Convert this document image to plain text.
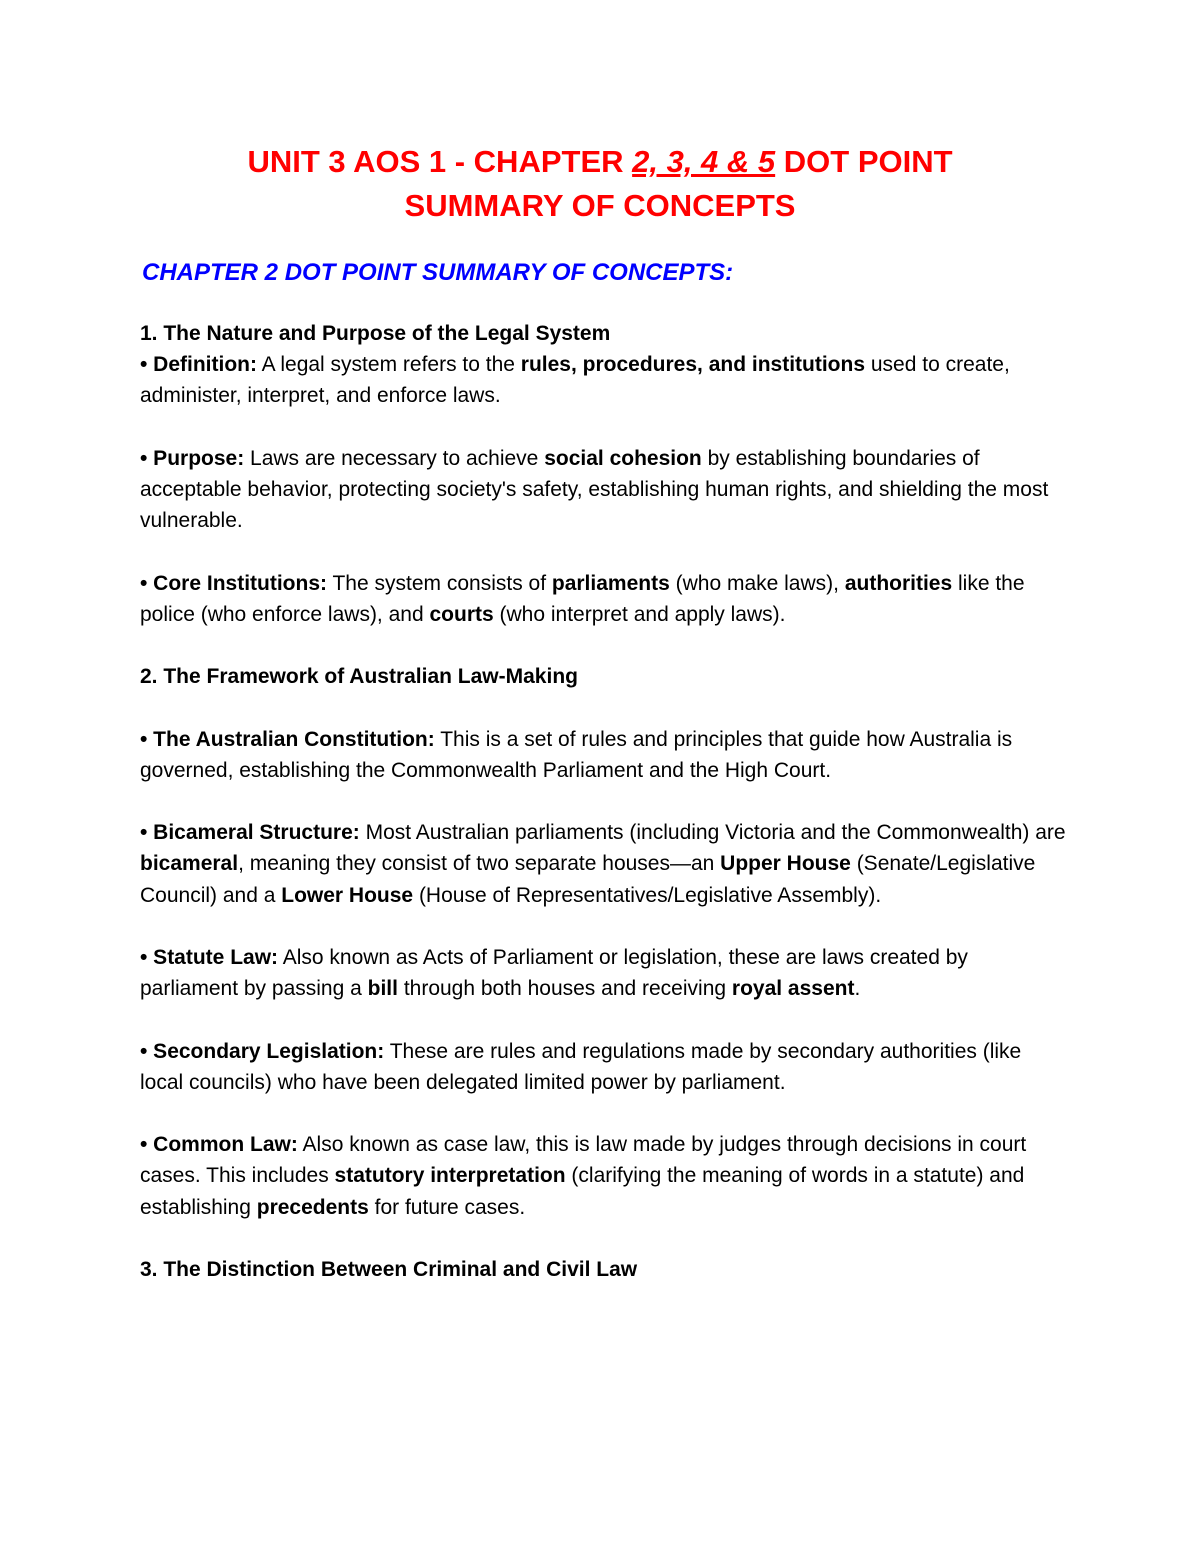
UNIT 3 AOS 1 - CHAPTER 2, 3, 4 & 5 DOT POINT
SUMMARY OF CONCEPTS
CHAPTER 2 DOT POINT SUMMARY OF CONCEPTS:

1. The Nature and Purpose of the Legal System

• Definition: A legal system refers to the rules, procedures, and institutions used to create, administer, interpret, and enforce laws.

• Purpose: Laws are necessary to achieve social cohesion by establishing boundaries of acceptable behavior, protecting society's safety, establishing human rights, and shielding the most vulnerable.

• Core Institutions: The system consists of parliaments (who make laws), authorities like the police (who enforce laws), and courts (who interpret and apply laws).

2. The Framework of Australian Law-Making

• The Australian Constitution: This is a set of rules and principles that guide how Australia is governed, establishing the Commonwealth Parliament and the High Court.

• Bicameral Structure: Most Australian parliaments (including Victoria and the Commonwealth) are bicameral, meaning they consist of two separate houses—an Upper House (Senate/Legislative Council) and a Lower House (House of Representatives/Legislative Assembly).

• Statute Law: Also known as Acts of Parliament or legislation, these are laws created by parliament by passing a bill through both houses and receiving royal assent.

• Secondary Legislation: These are rules and regulations made by secondary authorities (like local councils) who have been delegated limited power by parliament.

• Common Law: Also known as case law, this is law made by judges through decisions in court cases. This includes statutory interpretation (clarifying the meaning of words in a statute) and establishing precedents for future cases.

3. The Distinction Between Criminal and Civil Law
